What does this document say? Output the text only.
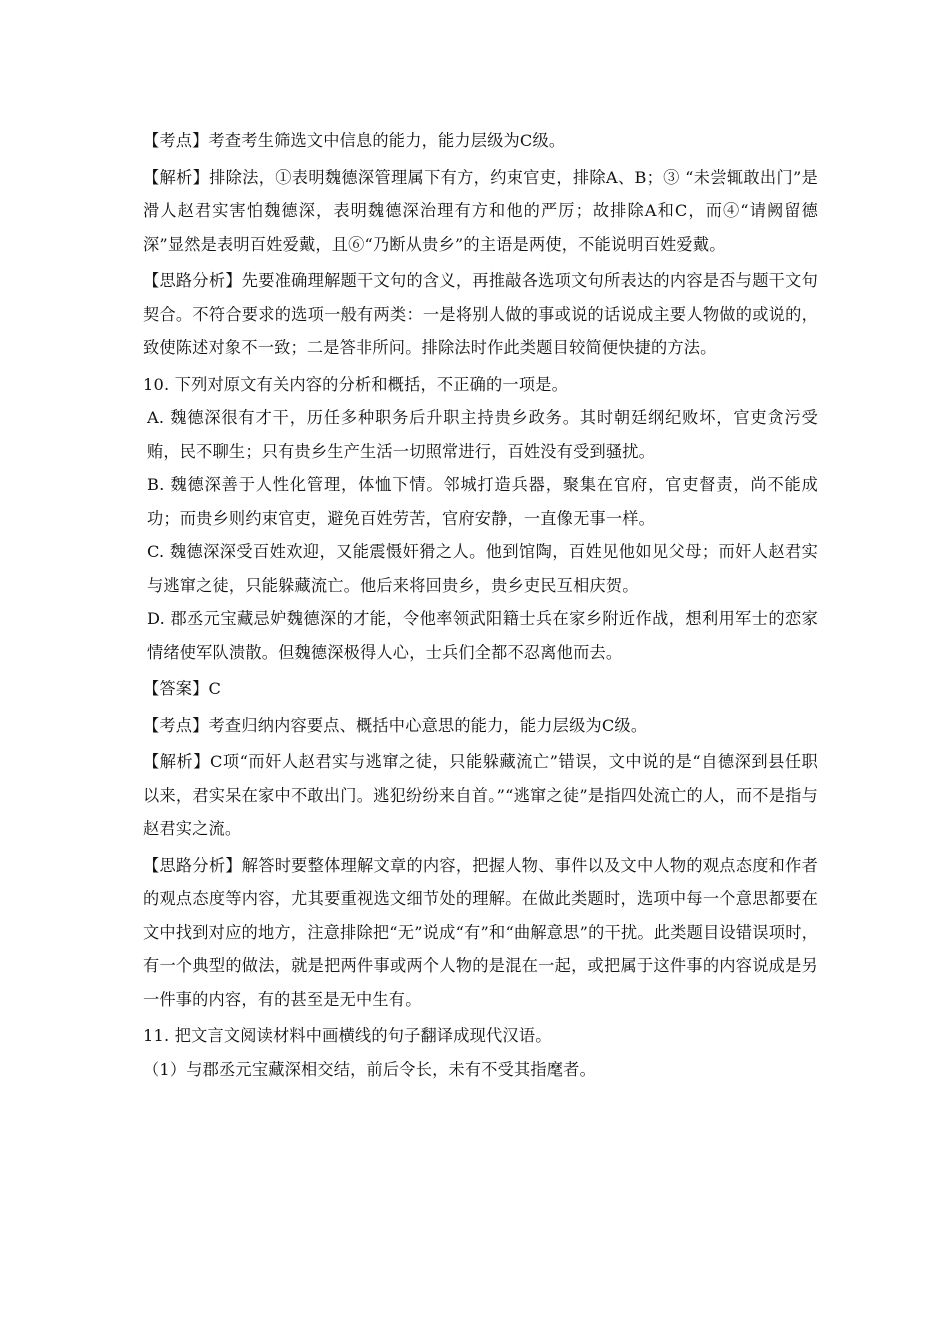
【考点】考查考生筛选文中信息的能力，能力层级为C级。

【解析】排除法，①表明魏德深管理属下有方，约束官吏，排除A、B；③ “未尝辄敢出门”是滑人赵君实害怕魏德深，表明魏德深治理有方和他的严厉；故排除A和C，而④“请阙留德深”显然是表明百姓爱戴，且⑥“乃断从贵乡”的主语是两使，不能说明百姓爱戴。

【思路分析】先要准确理解题干文句的含义，再推敲各选项文句所表达的内容是否与题干文句契合。不符合要求的选项一般有两类：一是将别人做的事或说的话说成主要人物做的或说的，致使陈述对象不一致；二是答非所问。排除法时作此类题目较简便快捷的方法。

10. 下列对原文有关内容的分析和概括，不正确的一项是。

A. 魏德深很有才干，历任多种职务后升职主持贵乡政务。其时朝廷纲纪败坏，官吏贪污受贿，民不聊生；只有贵乡生产生活一切照常进行，百姓没有受到骚扰。

B. 魏德深善于人性化管理，体恤下情。邻城打造兵器，聚集在官府，官吏督责，尚不能成功；而贵乡则约束官吏，避免百姓劳苦，官府安静，一直像无事一样。

C. 魏德深深受百姓欢迎，又能震慑奸猾之人。他到馆陶，百姓见他如见父母；而奸人赵君实与逃窜之徒，只能躲藏流亡。他后来将回贵乡，贵乡吏民互相庆贺。

D. 郡丞元宝藏忌妒魏德深的才能，令他率领武阳籍士兵在家乡附近作战，想利用军士的恋家情绪使军队溃散。但魏德深极得人心，士兵们全都不忍离他而去。

【答案】C

【考点】考查归纳内容要点、概括中心意思的能力，能力层级为C级。

【解析】C项“而奸人赵君实与逃窜之徒，只能躲藏流亡”错误，文中说的是“自德深到县任职以来，君实呆在家中不敢出门。逃犯纷纷来自首。”“逃窜之徒”是指四处流亡的人，而不是指与赵君实之流。

【思路分析】解答时要整体理解文章的内容，把握人物、事件以及文中人物的观点态度和作者的观点态度等内容，尤其要重视选文细节处的理解。在做此类题时，选项中每一个意思都要在文中找到对应的地方，注意排除把“无”说成“有”和“曲解意思”的干扰。此类题目设错误项时，有一个典型的做法，就是把两件事或两个人物的是混在一起，或把属于这件事的内容说成是另一件事的内容，有的甚至是无中生有。

11. 把文言文阅读材料中画横线的句子翻译成现代汉语。

（1）与郡丞元宝藏深相交结，前后令长，未有不受其指麾者。
